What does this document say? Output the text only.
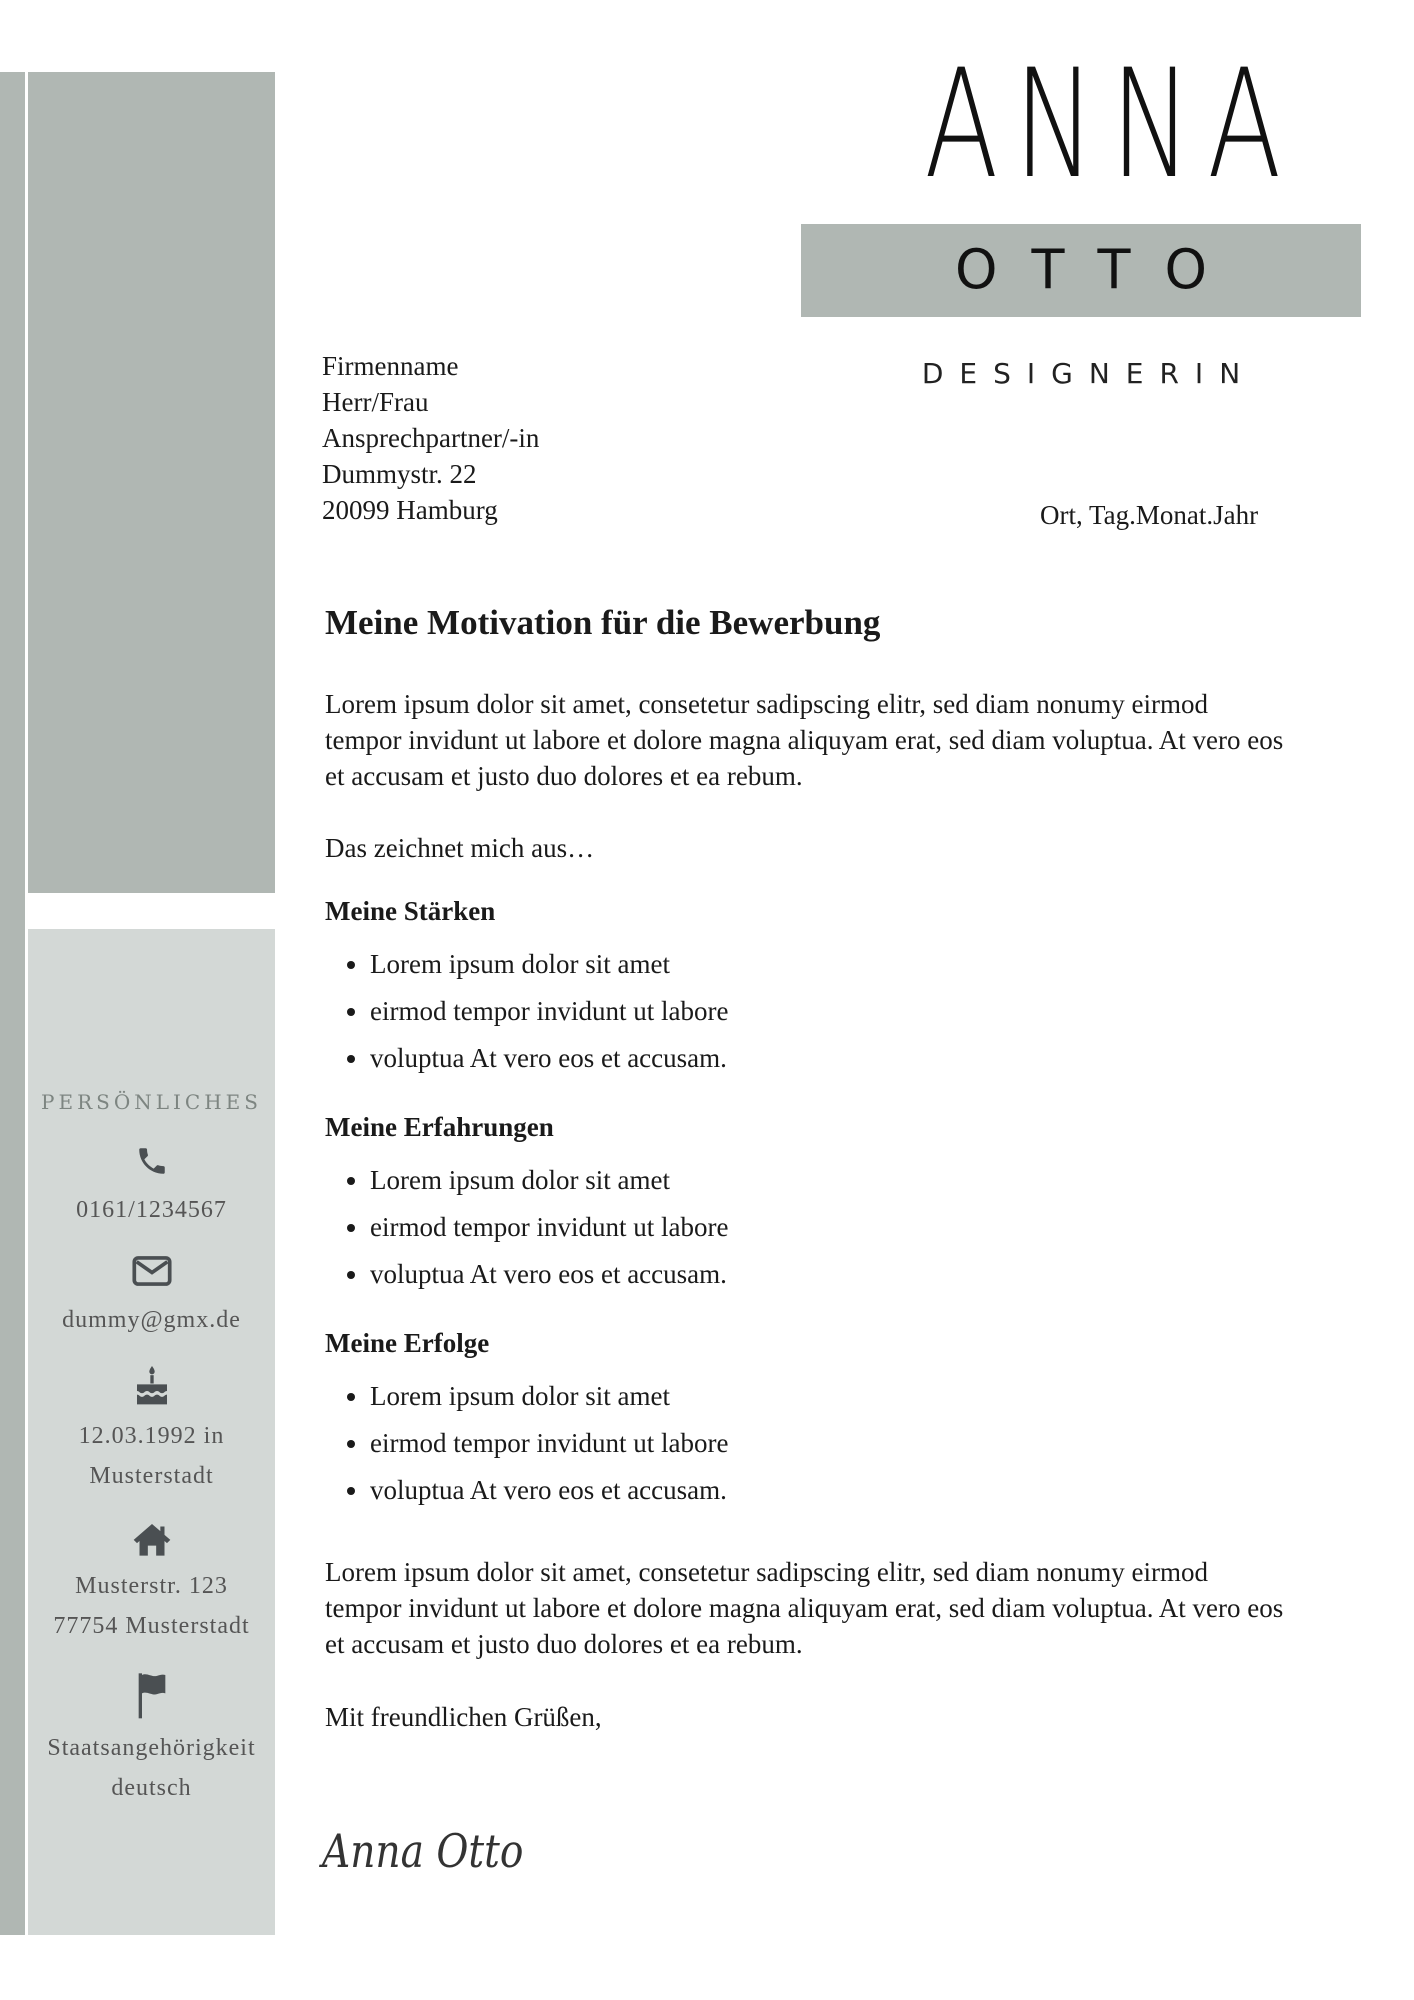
ANNA
OTTO
DESIGNERIN
Firmenname
Herr/Frau
Ansprechpartner/-in
Dummystr. 22
20099 Hamburg	Ort, Tag.Monat.Jahr
Meine Motivation für die Bewerbung

Lorem ipsum dolor sit amet, consetetur sadipscing elitr, sed diam nonumy eirmod tempor invidunt ut labore et dolore magna aliquyam erat, sed diam voluptua. At vero eos et accusam et justo duo dolores et ea rebum.

Das zeichnet mich aus…

Meine Stärken
• Lorem ipsum dolor sit amet
• eirmod tempor invidunt ut labore
• voluptua At vero eos et accusam.
Meine Erfahrungen
• Lorem ipsum dolor sit amet
• eirmod tempor invidunt ut labore
• voluptua At vero eos et accusam.
Meine Erfolge
• Lorem ipsum dolor sit amet
• eirmod tempor invidunt ut labore
• voluptua At vero eos et accusam.

Lorem ipsum dolor sit amet, consetetur sadipscing elitr, sed diam nonumy eirmod tempor invidunt ut labore et dolore magna aliquyam erat, sed diam voluptua. At vero eos et accusam et justo duo dolores et ea rebum.

Mit freundlichen Grüßen,
Anna Otto
PERSÖNLICHES
0161/1234567
dummy@gmx.de
12.03.1992 in
Musterstadt
Musterstr. 123
77754 Musterstadt
Staatsangehörigkeit
deutsch
